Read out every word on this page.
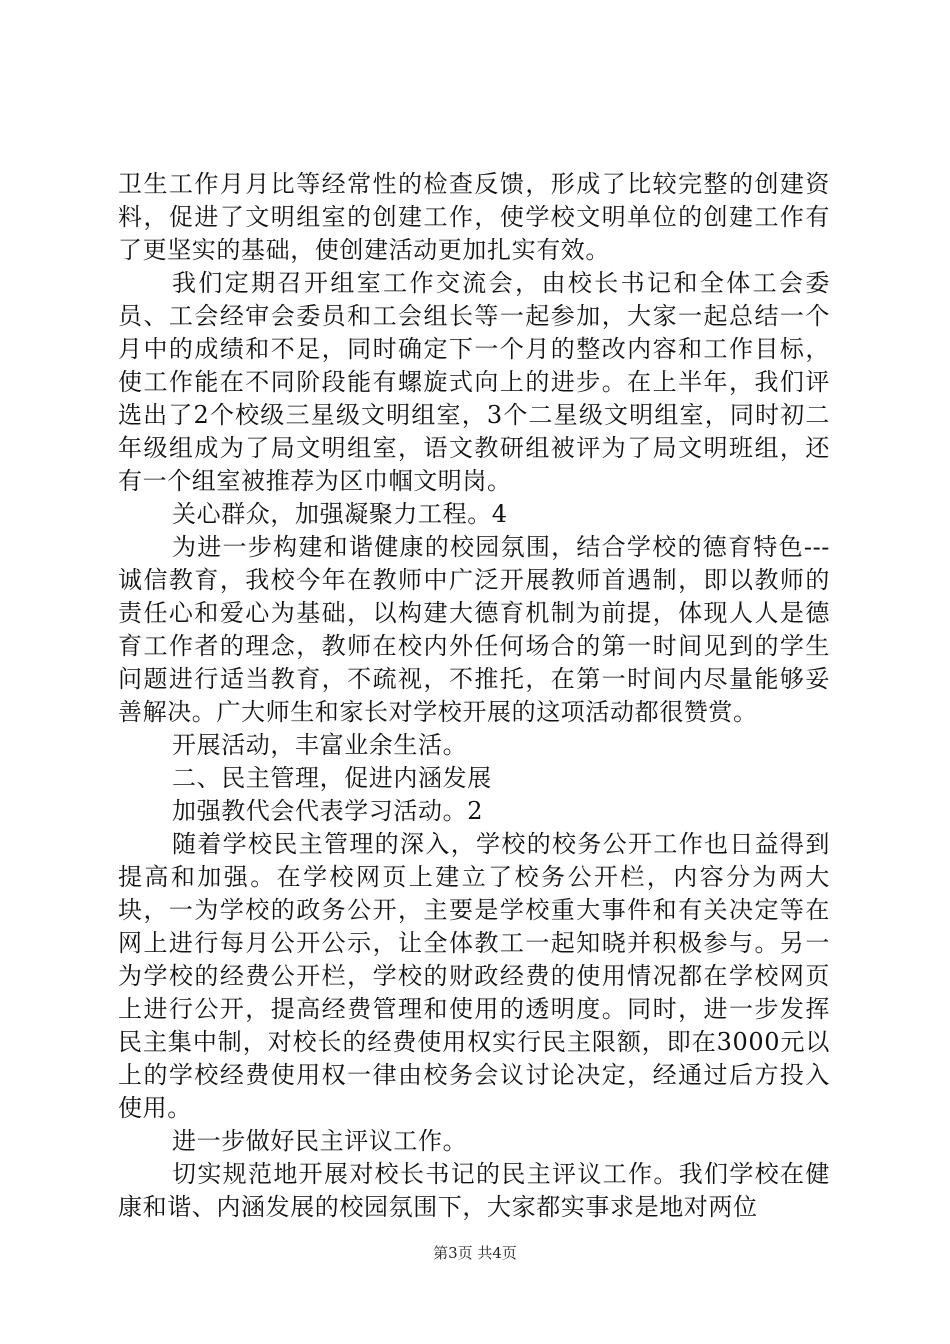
卫生工作月月比等经常性的检查反馈，形成了比较完整的创建资料，促进了文明组室的创建工作，使学校文明单位的创建工作有了更坚实的基础，使创建活动更加扎实有效。

我们定期召开组室工作交流会，由校长书记和全体工会委员、工会经审会委员和工会组长等一起参加，大家一起总结一个月中的成绩和不足，同时确定下一个月的整改内容和工作目标，使工作能在不同阶段能有螺旋式向上的进步。在上半年，我们评选出了2个校级三星级文明组室，3个二星级文明组室，同时初二年级组成为了局文明组室，语文教研组被评为了局文明班组，还有一个组室被推荐为区巾帼文明岗。

关心群众，加强凝聚力工程。4

为进一步构建和谐健康的校园氛围，结合学校的德育特色---诚信教育，我校今年在教师中广泛开展教师首遇制，即以教师的责任心和爱心为基础，以构建大德育机制为前提，体现人人是德育工作者的理念，教师在校内外任何场合的第一时间见到的学生问题进行适当教育，不疏视，不推托，在第一时间内尽量能够妥善解决。广大师生和家长对学校开展的这项活动都很赞赏。

开展活动，丰富业余生活。

二、民主管理，促进内涵发展

加强教代会代表学习活动。2

随着学校民主管理的深入，学校的校务公开工作也日益得到提高和加强。在学校网页上建立了校务公开栏，内容分为两大块，一为学校的政务公开，主要是学校重大事件和有关决定等在网上进行每月公开公示，让全体教工一起知晓并积极参与。另一为学校的经费公开栏，学校的财政经费的使用情况都在学校网页上进行公开，提高经费管理和使用的透明度。同时，进一步发挥民主集中制，对校长的经费使用权实行民主限额，即在3000元以上的学校经费使用权一律由校务会议讨论决定，经通过后方投入使用。

进一步做好民主评议工作。

切实规范地开展对校长书记的民主评议工作。我们学校在健康和谐、内涵发展的校园氛围下，大家都实事求是地对两位

第3页 共4页
